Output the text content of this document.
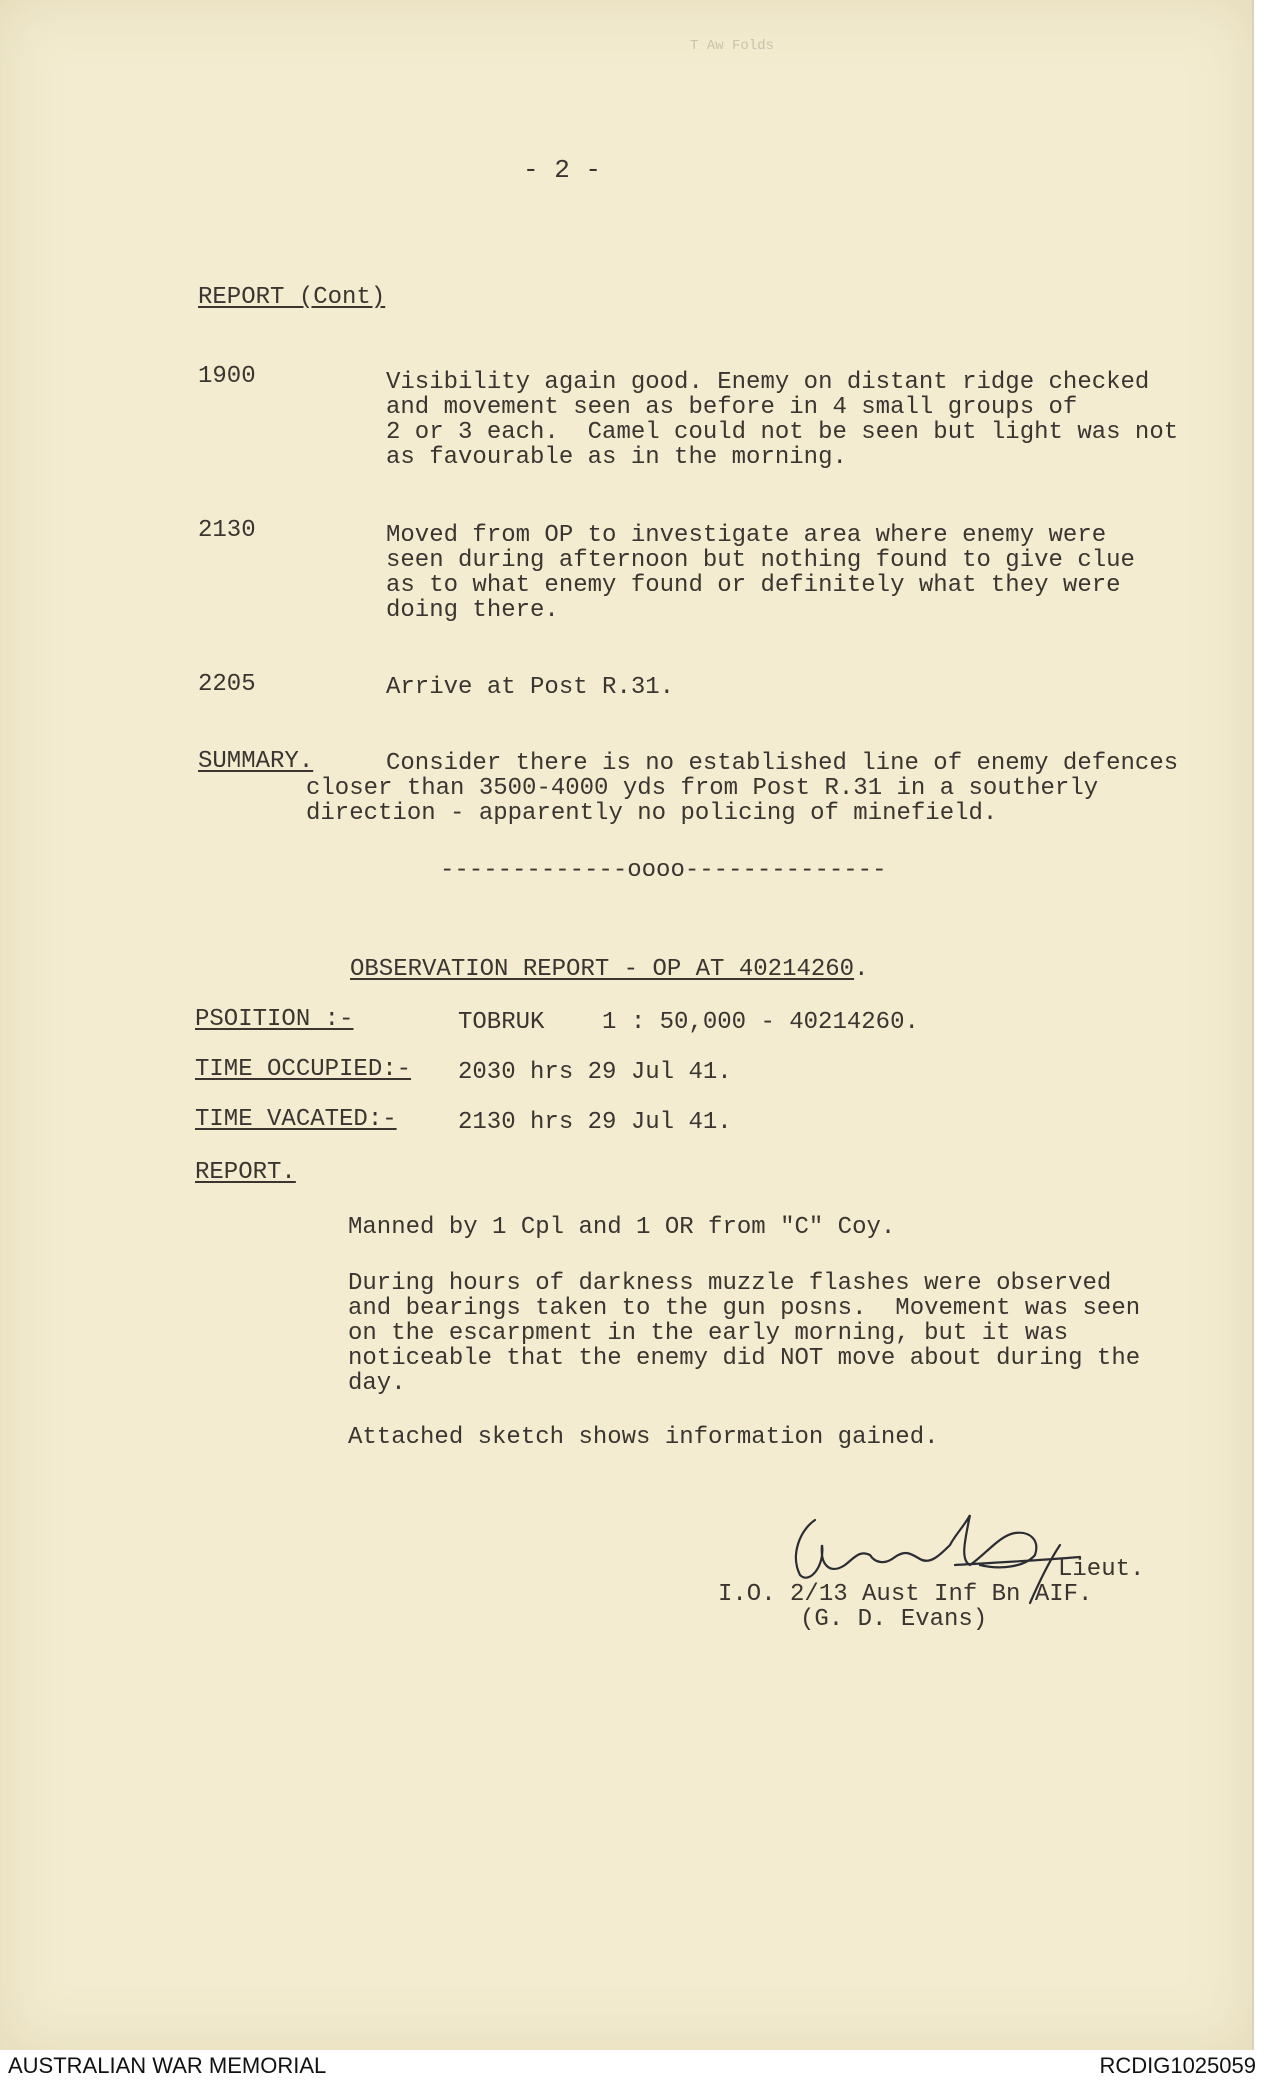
T Aw Folds
- 2 -
REPORT (Cont)
1900	Visibility again good. Enemy on distant ridge checked
and movement seen as before in 4 small groups of
2 or 3 each.  Camel could not be seen but light was not
as favourable as in the morning.
2130	Moved from OP to investigate area where enemy were
seen during afternoon but nothing found to give clue
as to what enemy found or definitely what they were
doing there.
2205	Arrive at Post R.31.
SUMMARY.	Consider there is no established line of enemy defences
closer than 3500-4000 yds from Post R.31 in a southerly
direction - apparently no policing of minefield.
-------------oooo--------------
OBSERVATION REPORT - OP AT 40214260.
PSOITION :-	TOBRUK    1 : 50,000 - 40214260.
TIME OCCUPIED:- 2030 hrs 29 Jul 41.
TIME VACATED:-	2130 hrs 29 Jul 41.
REPORT.
Manned by 1 Cpl and 1 OR from "C" Coy.
During hours of darkness muzzle flashes were observed
and bearings taken to the gun posns.  Movement was seen
on the escarpment in the early morning, but it was
noticeable that the enemy did NOT move about during the
day.
Attached sketch shows information gained.
Lieut.
I.O. 2/13 Aust Inf Bn AIF.
(G. D. Evans)
AUSTRALIAN WAR MEMORIAL	RCDIG1025059
